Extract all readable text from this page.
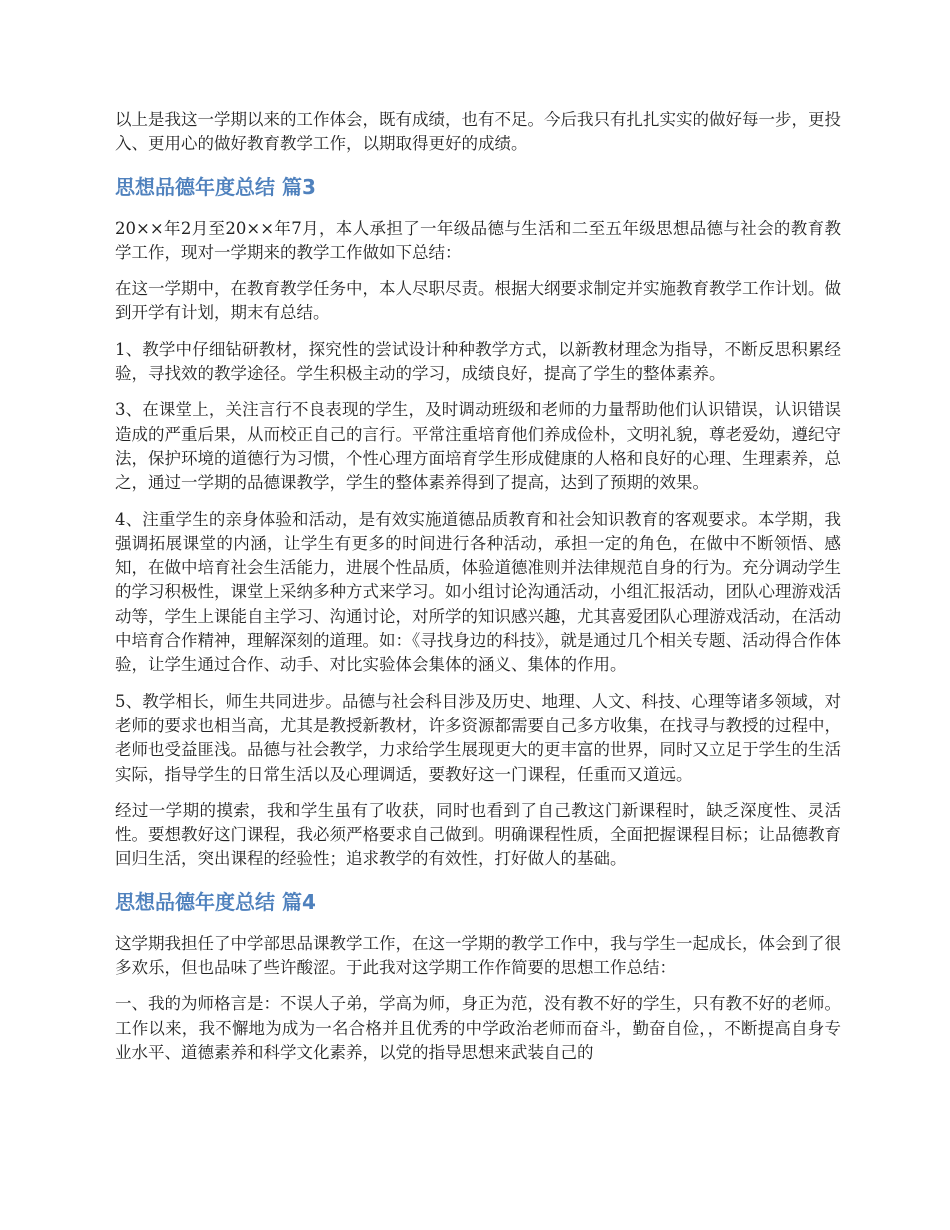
以上是我这一学期以来的工作体会，既有成绩，也有不足。今后我只有扎扎实实的做好每一步，更投入、更用心的做好教育教学工作，以期取得更好的成绩。

思想品德年度总结 篇3

20××年2月至20××年7月，本人承担了一年级品德与生活和二至五年级思想品德与社会的教育教学工作，现对一学期来的教学工作做如下总结：

在这一学期中，在教育教学任务中，本人尽职尽责。根据大纲要求制定并实施教育教学工作计划。做到开学有计划，期末有总结。

1、教学中仔细钻研教材，探究性的尝试设计种种教学方式，以新教材理念为指导，不断反思积累经验，寻找效的教学途径。学生积极主动的学习，成绩良好，提高了学生的整体素养。

3、在课堂上，关注言行不良表现的学生，及时调动班级和老师的力量帮助他们认识错误，认识错误造成的严重后果，从而校正自己的言行。平常注重培育他们养成俭朴，文明礼貌，尊老爱幼，遵纪守法，保护环境的道德行为习惯，个性心理方面培育学生形成健康的人格和良好的心理、生理素养，总之，通过一学期的品德课教学，学生的整体素养得到了提高，达到了预期的效果。

4、注重学生的亲身体验和活动，是有效实施道德品质教育和社会知识教育的客观要求。本学期，我强调拓展课堂的内涵，让学生有更多的时间进行各种活动，承担一定的角色，在做中不断领悟、感知，在做中培育社会生活能力，进展个性品质，体验道德准则并法律规范自身的行为。充分调动学生的学习积极性，课堂上采纳多种方式来学习。如小组讨论沟通活动，小组汇报活动，团队心理游戏活动等，学生上课能自主学习、沟通讨论，对所学的知识感兴趣，尤其喜爱团队心理游戏活动，在活动中培育合作精神，理解深刻的道理。如：《寻找身边的科技》，就是通过几个相关专题、活动得合作体验，让学生通过合作、动手、对比实验体会集体的涵义、集体的作用。

5、教学相长，师生共同进步。品德与社会科目涉及历史、地理、人文、科技、心理等诸多领域，对老师的要求也相当高，尤其是教授新教材，许多资源都需要自己多方收集，在找寻与教授的过程中，老师也受益匪浅。品德与社会教学，力求给学生展现更大的更丰富的世界，同时又立足于学生的生活实际，指导学生的日常生活以及心理调适，要教好这一门课程，任重而又道远。

经过一学期的摸索，我和学生虽有了收获，同时也看到了自己教这门新课程时，缺乏深度性、灵活性。要想教好这门课程，我必须严格要求自己做到。明确课程性质，全面把握课程目标；让品德教育回归生活，突出课程的经验性；追求教学的有效性，打好做人的基础。

思想品德年度总结 篇4

这学期我担任了中学部思品课教学工作，在这一学期的教学工作中，我与学生一起成长，体会到了很多欢乐，但也品味了些许酸涩。于此我对这学期工作作简要的思想工作总结：

一、我的为师格言是：不误人子弟，学高为师，身正为范，没有教不好的学生，只有教不好的老师。工作以来，我不懈地为成为一名合格并且优秀的中学政治老师而奋斗，勤奋自俭，，不断提高自身专业水平、道德素养和科学文化素养，以党的指导思想来武装自己的
